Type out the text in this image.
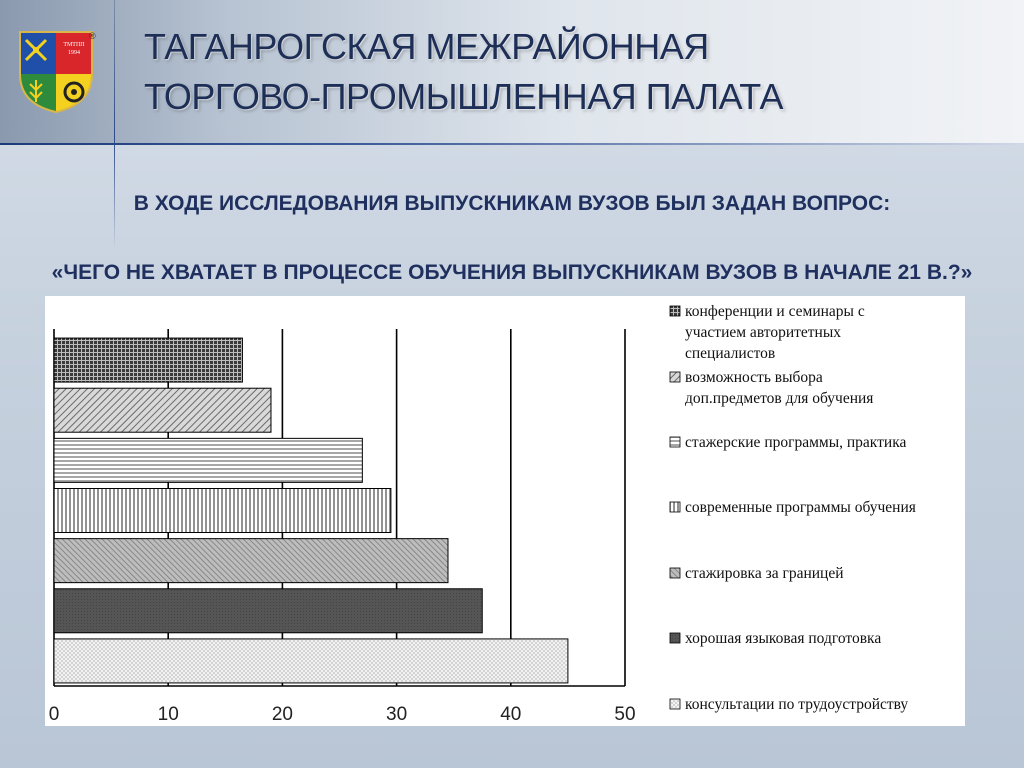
ТМТПП
1994
® ТАГАНРОГСКАЯ МЕЖРАЙОННАЯ
ТОРГОВО-ПРОМЫШЛЕННАЯ ПАЛАТА
В ХОДЕ ИССЛЕДОВАНИЯ ВЫПУСКНИКАМ ВУЗОВ БЫЛ ЗАДАН ВОПРОС:
«ЧЕГО НЕ ХВАТАЕТ В ПРОЦЕССЕ ОБУЧЕНИЯ ВЫПУСКНИКАМ ВУЗОВ В НАЧАЛЕ 21 В.?»
0	10	20	30	40	50
конференции и семинары с
участием авторитетных
специалистов
возможность выбора
доп.предметов для обучения
стажерские программы, практика
современные программы обучения
стажировка за границей
хорошая языковая подготовка
консультации по трудоустройству
